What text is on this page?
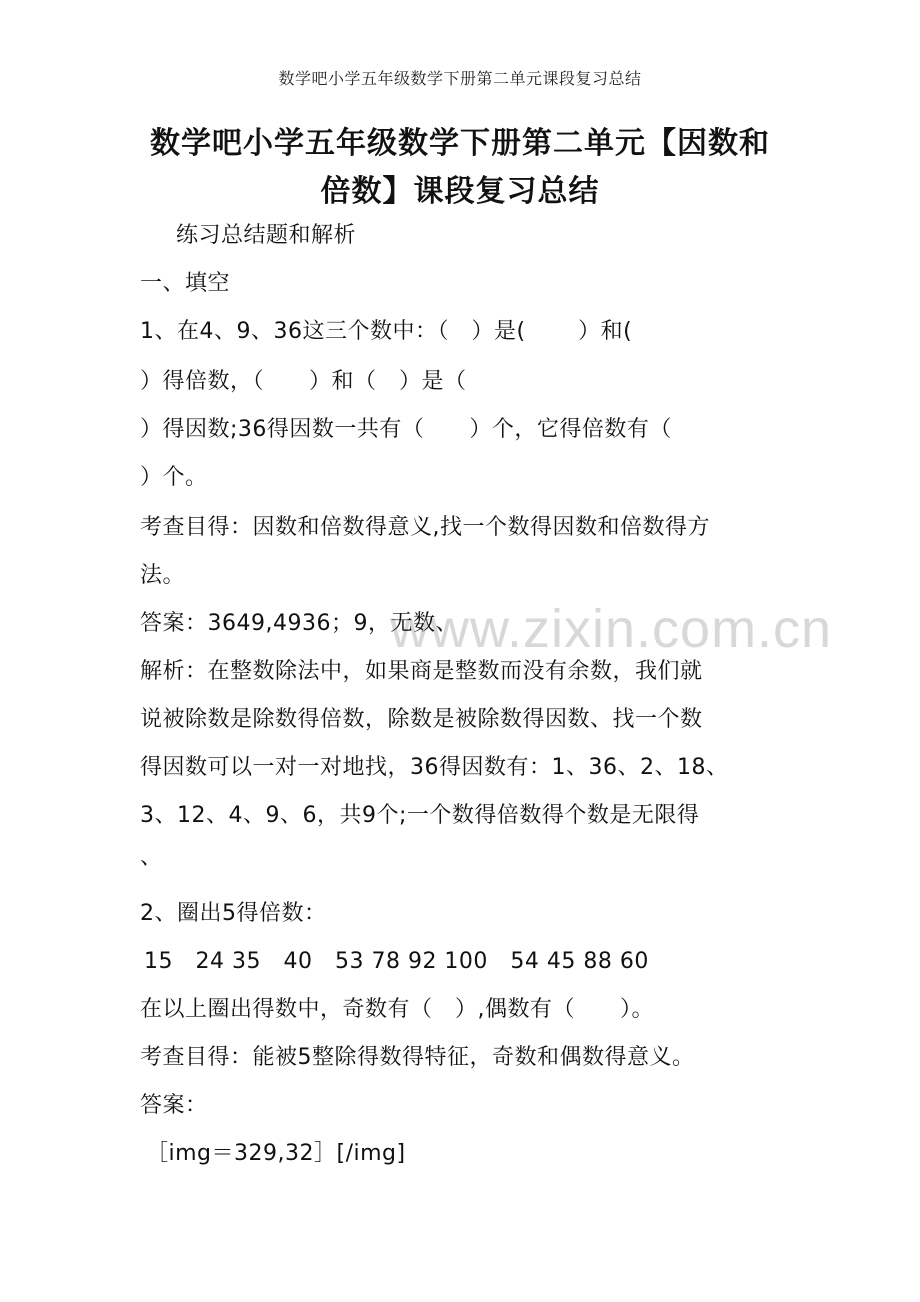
数学吧小学五年级数学下册第二单元课段复习总结
数学吧小学五年级数学下册第二单元【因数和
倍数】课段复习总结
www.zixin.com.cn
练习总结题和解析
一、填空
1、在4、9、36这三个数中：（　）是(　　 ）和(
）得倍数，（　　）和（　）是（
）得因数;36得因数一共有（　　）个，它得倍数有（
）个。
考查目得：因数和倍数得意义,找一个数得因数和倍数得方
法。
答案：3649,4936；9，无数、
解析：在整数除法中，如果商是整数而没有余数，我们就
说被除数是除数得倍数，除数是被除数得因数、找一个数
得因数可以一对一对地找，36得因数有：1、36、2、18、
3、12、4、9、6，共9个;一个数得倍数得个数是无限得
、
2、圈出5得倍数：
15　24 35　40　53 78 92 100　54 45 88 60
在以上圈出得数中，奇数有（　）,偶数有（　　）。
考查目得：能被5整除得数得特征，奇数和偶数得意义。
答案：
［img＝329,32］[/img]
